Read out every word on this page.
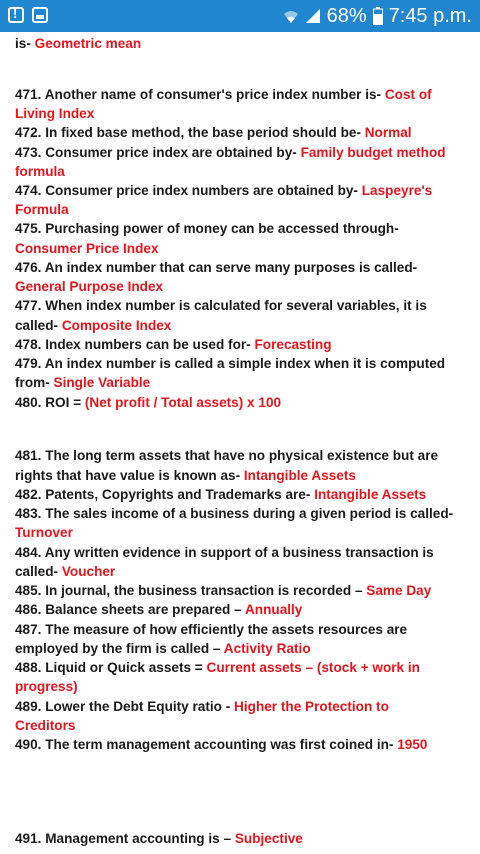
!
68% 7:45 p.m.
is- Geometric mean
471. Another name of consumer's price index number is- Cost of
Living Index
472. In fixed base method, the base period should be- Normal
473. Consumer price index are obtained by- Family budget method
formula
474. Consumer price index numbers are obtained by- Laspeyre's
Formula
475. Purchasing power of money can be accessed through-
Consumer Price Index
476. An index number that can serve many purposes is called-
General Purpose Index
477. When index number is calculated for several variables, it is
called- Composite Index
478. Index numbers can be used for- Forecasting
479. An index number is called a simple index when it is computed
from- Single Variable
480. ROI = (Net profit / Total assets) x 100
481. The long term assets that have no physical existence but are
rights that have value is known as- Intangible Assets
482. Patents, Copyrights and Trademarks are- Intangible Assets
483. The sales income of a business during a given period is called-
Turnover
484. Any written evidence in support of a business transaction is
called- Voucher
485. In journal, the business transaction is recorded – Same Day
486. Balance sheets are prepared – Annually
487. The measure of how efficiently the assets resources are
employed by the firm is called – Activity Ratio
488. Liquid or Quick assets = Current assets – (stock + work in
progress)
489. Lower the Debt Equity ratio - Higher the Protection to
Creditors
490. The term management accounting was first coined in- 1950
491. Management accounting is – Subjective
